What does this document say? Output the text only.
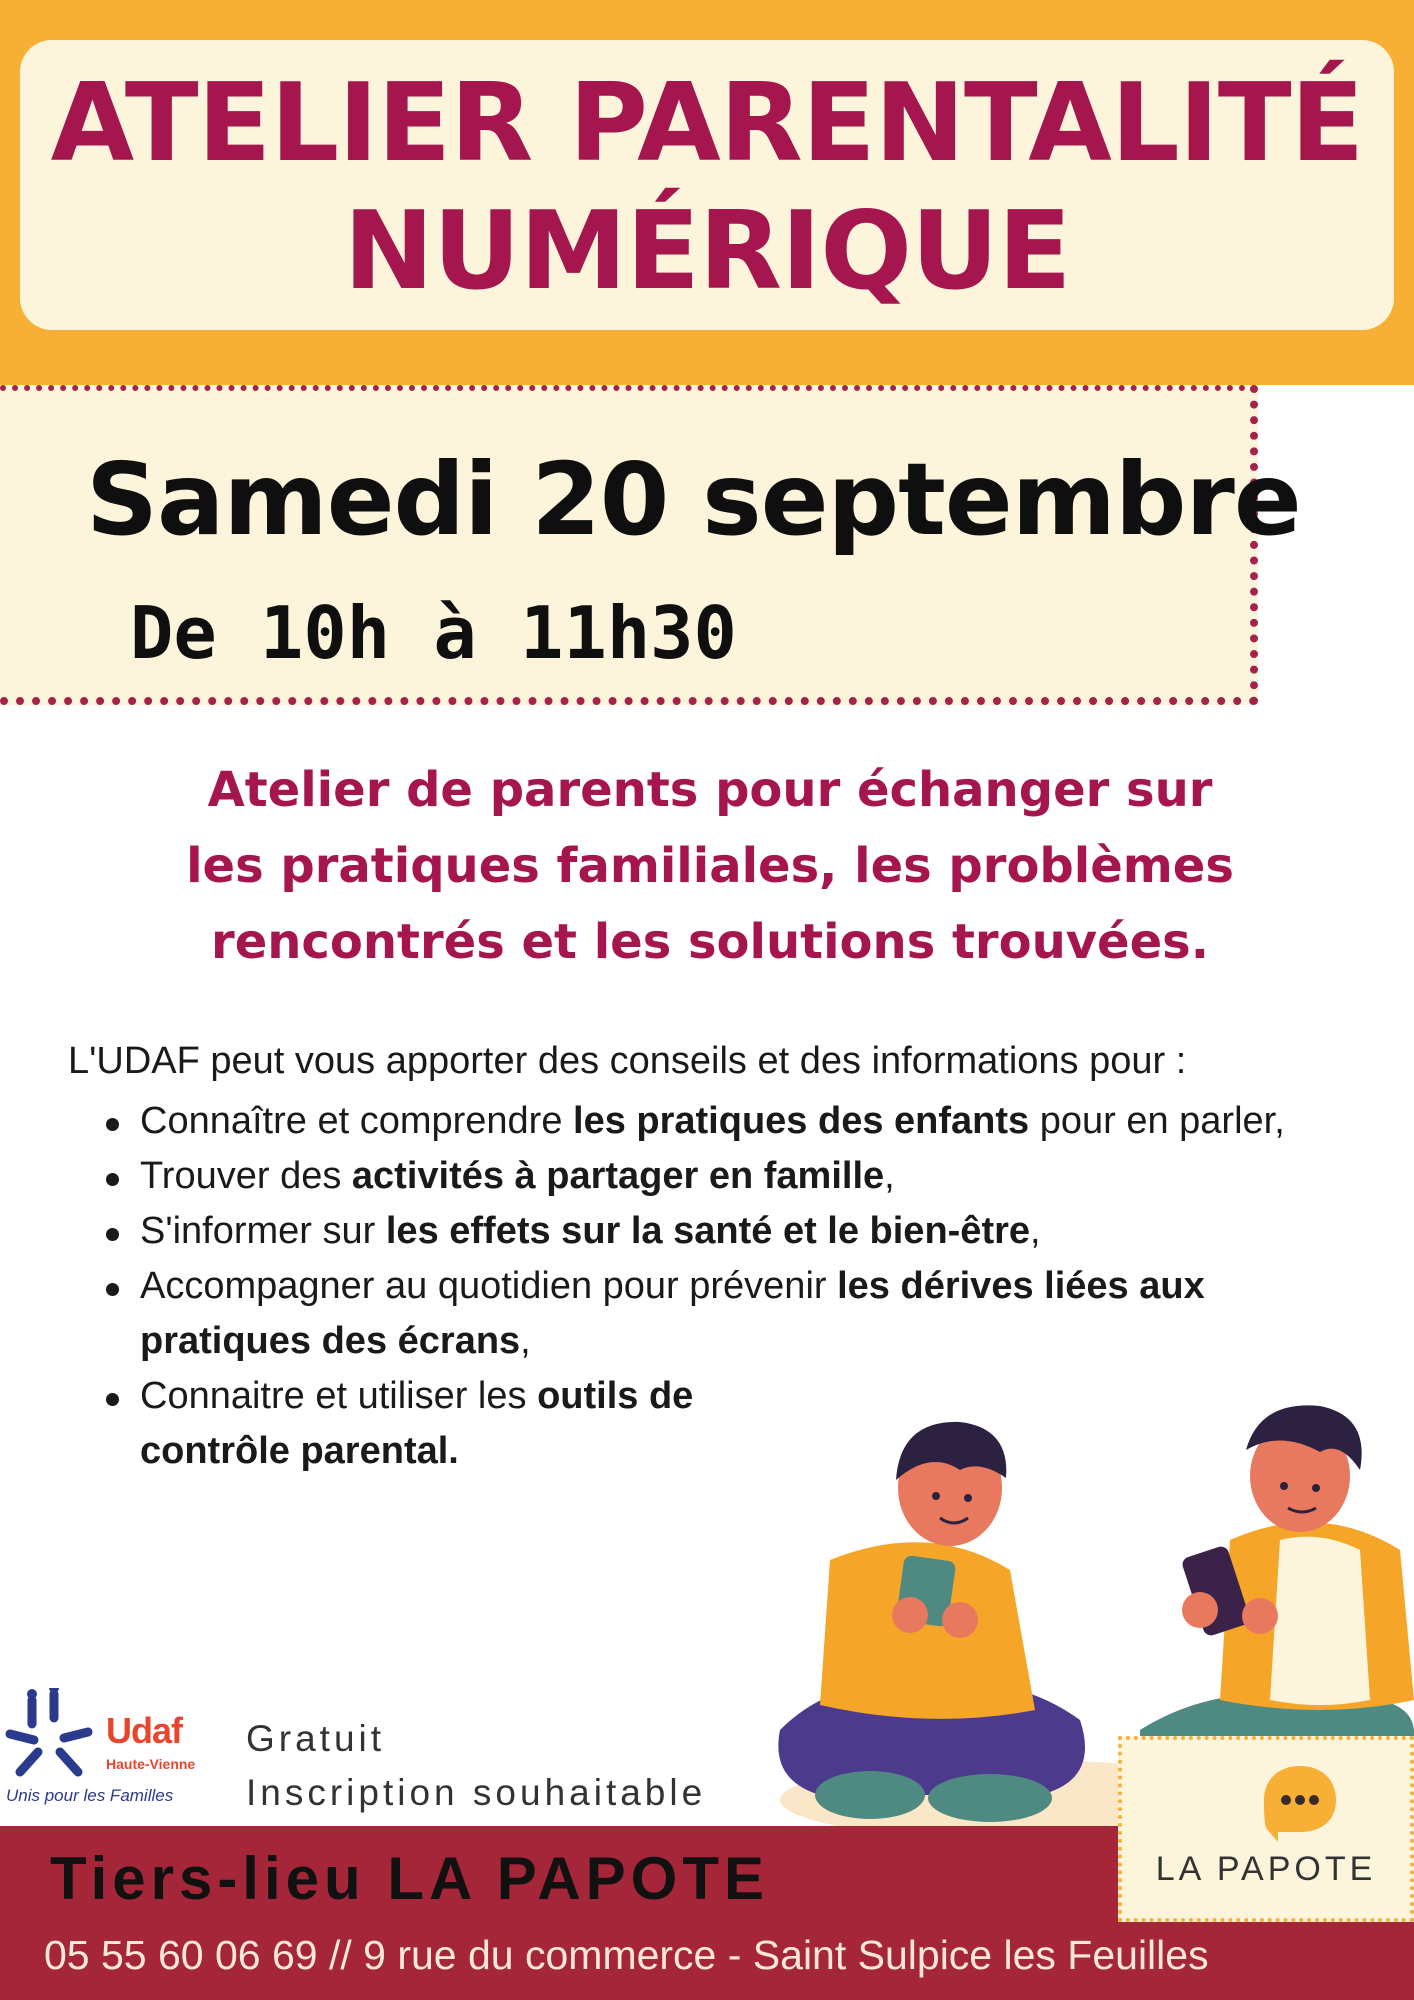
ATELIER PARENTALITÉ
NUMÉRIQUE
Samedi 20 septembre
De 10h à 11h30
Atelier de parents pour échanger sur
les pratiques familiales, les problèmes
rencontrés et les solutions trouvées.
L'UDAF peut vous apporter des conseils et des informations pour :
Connaître et comprendre les pratiques des enfants pour en parler,
Trouver des activités à partager en famille,
S'informer sur les effets sur la santé et le bien-être,
Accompagner au quotidien pour prévenir les dérives liées aux pratiques des écrans,
Connaitre et utiliser les outils de
contrôle parental.
Udaf
Haute-Vienne
Unis pour les Familles
Gratuit
Inscription souhaitable
Tiers-lieu LA PAPOTE
05 55 60 06 69 // 9 rue du commerce - Saint Sulpice les Feuilles
LA PAPOTE
